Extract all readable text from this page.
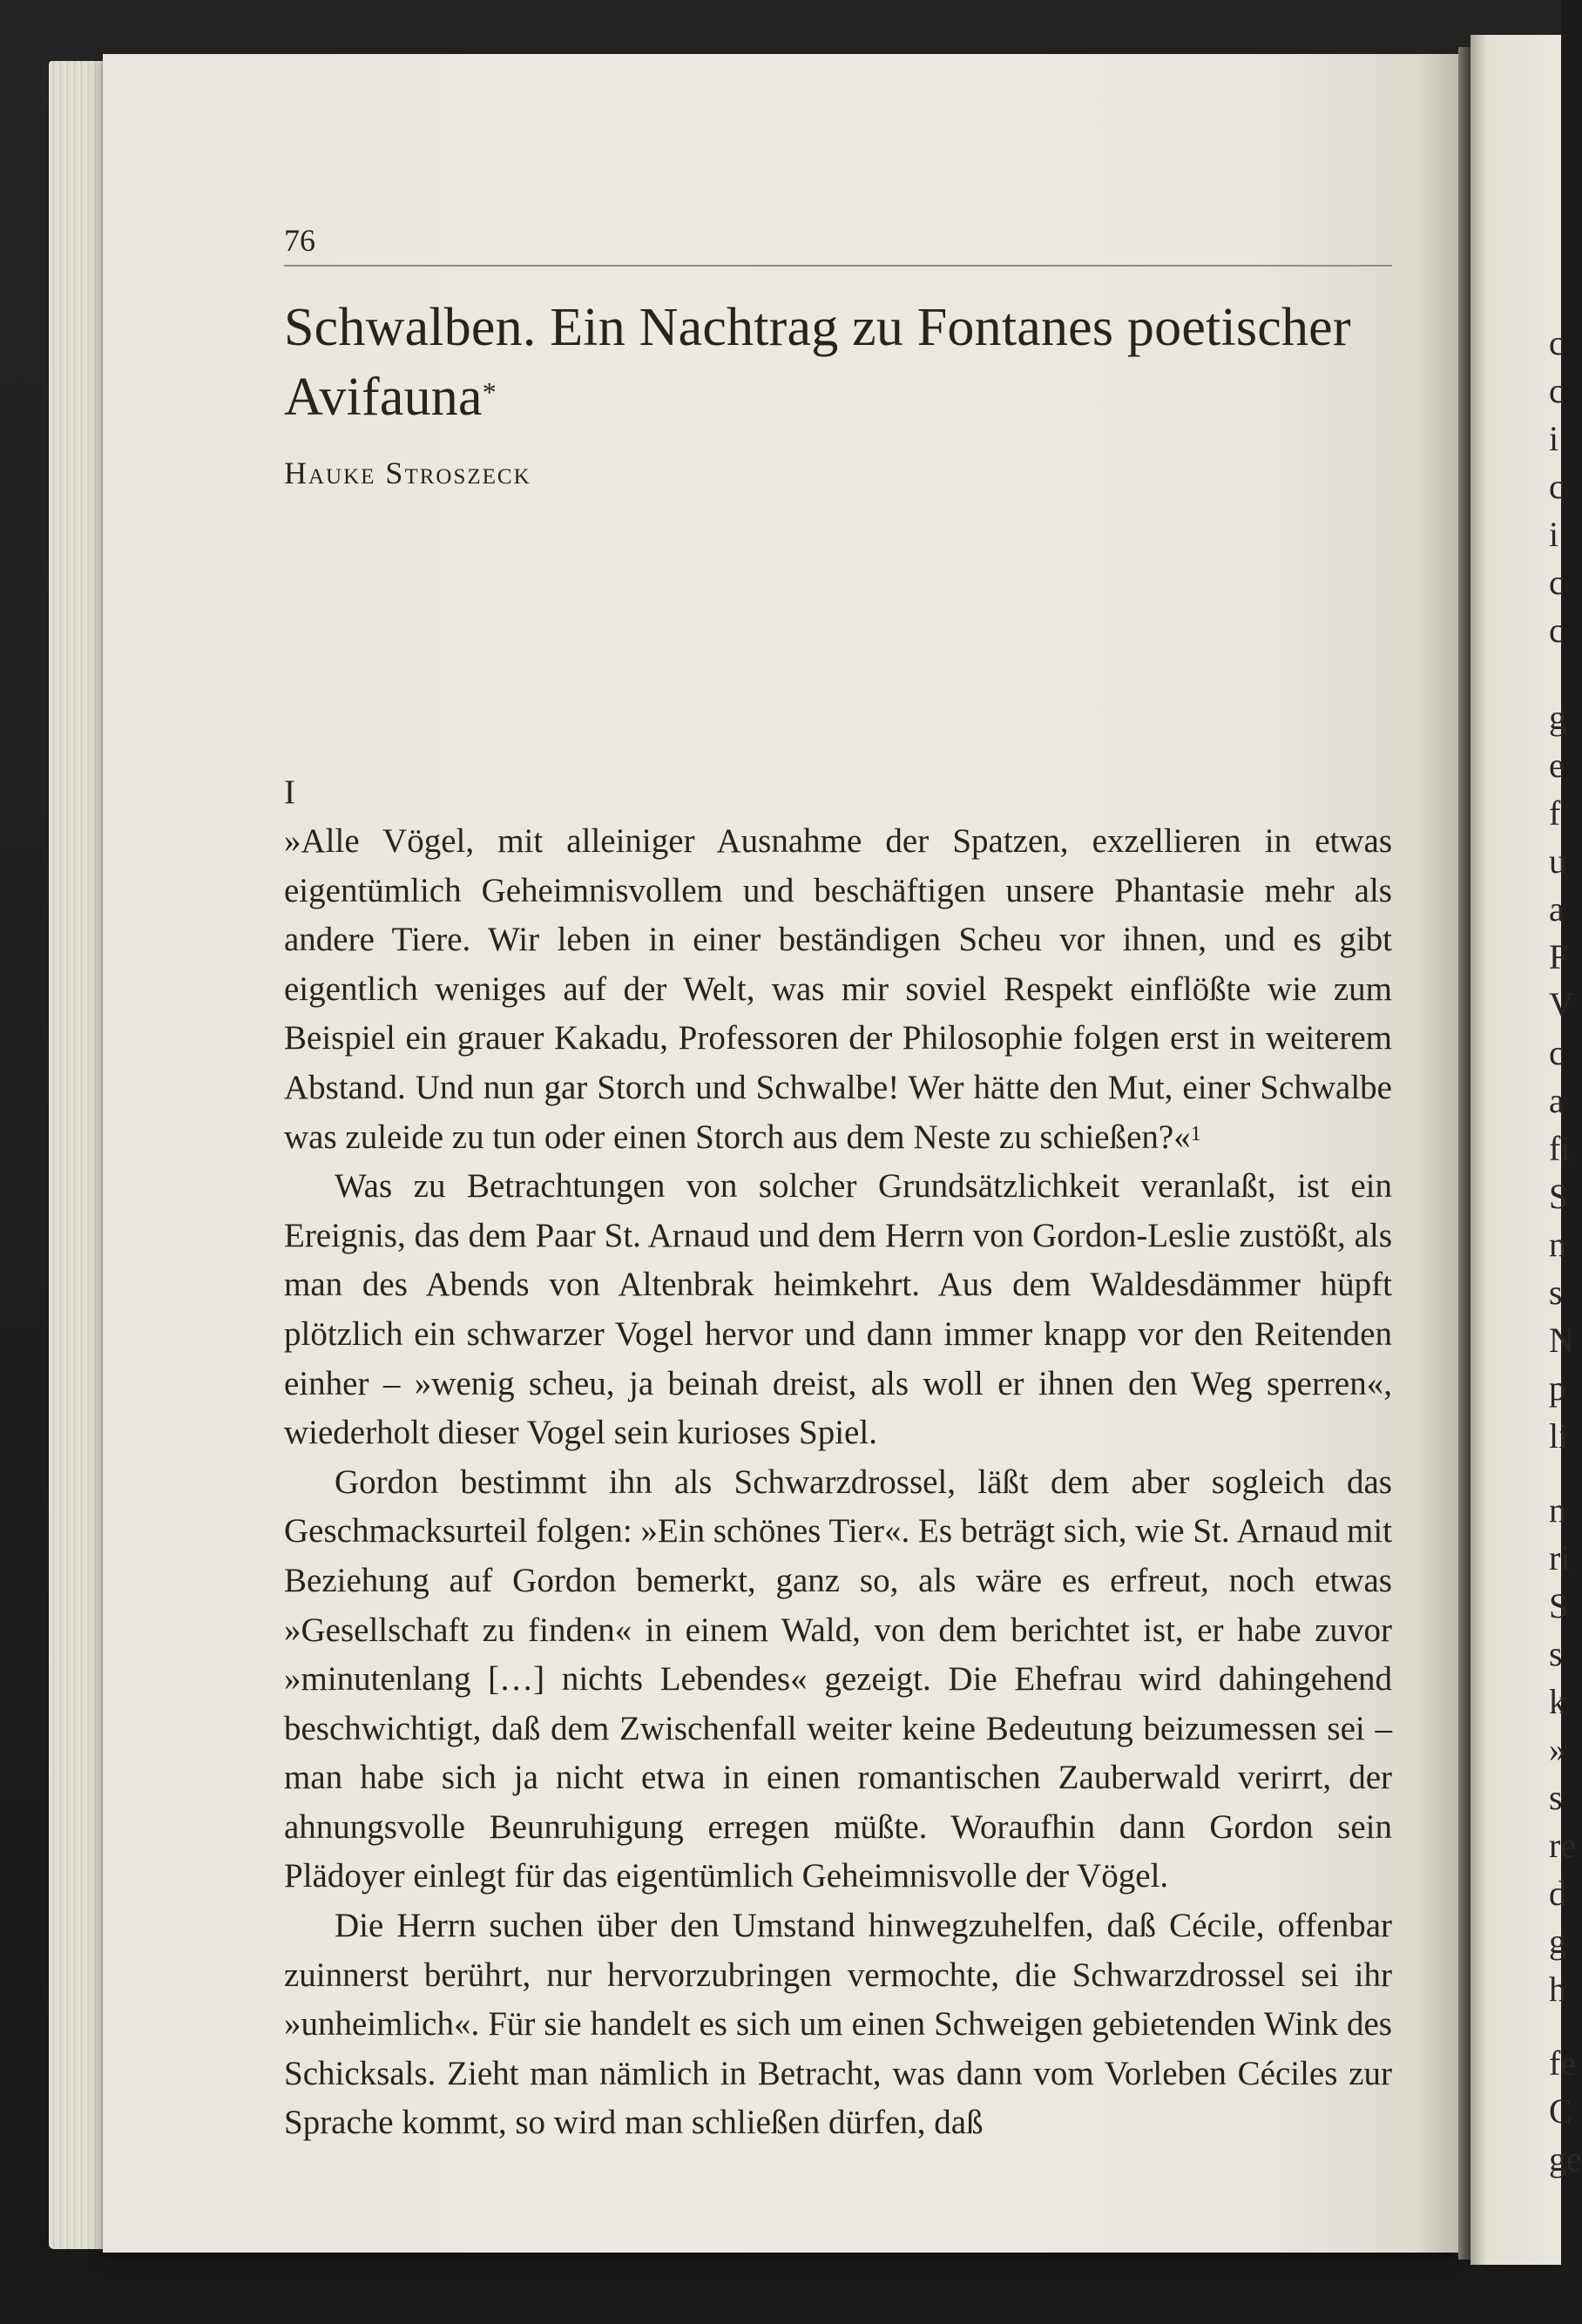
c
c
i
c
i
c
c
g
e
f
u
a
F
V
c
a
fi
S
n
s
N
p
li
n
ri
S
s
k
»
s
re
d
g
h
fe
C
ge
76
Schwalben. Ein Nachtrag zu Fontanes poetischer Avifauna*
Hauke Stroszeck
I

»Alle Vögel, mit alleiniger Ausnahme der Spatzen, exzellieren in etwas eigentümlich Geheimnisvollem und beschäftigen unsere Phantasie mehr als andere Tiere. Wir leben in einer beständigen Scheu vor ihnen, und es gibt eigentlich weniges auf der Welt, was mir soviel Respekt einflößte wie zum Beispiel ein grauer Kakadu, Professoren der Philosophie folgen erst in weiterem Abstand. Und nun gar Storch und Schwalbe! Wer hätte den Mut, einer Schwalbe was zuleide zu tun oder einen Storch aus dem Neste zu schießen?«$^1$

Was zu Betrachtungen von solcher Grundsätzlichkeit veranlaßt, ist ein Ereignis, das dem Paar St. Arnaud und dem Herrn von Gordon-Leslie zustößt, als man des Abends von Altenbrak heimkehrt. Aus dem Waldesdämmer hüpft plötzlich ein schwarzer Vogel hervor und dann immer knapp vor den Reitenden einher – »wenig scheu, ja beinah dreist, als woll er ihnen den Weg sperren«, wiederholt dieser Vogel sein kurioses Spiel.

Gordon bestimmt ihn als Schwarzdrossel, läßt dem aber sogleich das Geschmacksurteil folgen: »Ein schönes Tier«. Es beträgt sich, wie St. Arnaud mit Beziehung auf Gordon bemerkt, ganz so, als wäre es erfreut, noch etwas »Gesellschaft zu finden« in einem Wald, von dem berichtet ist, er habe zuvor »minutenlang […] nichts Lebendes« gezeigt. Die Ehefrau wird dahingehend beschwichtigt, daß dem Zwischenfall weiter keine Bedeutung beizumessen sei – man habe sich ja nicht etwa in einen romantischen Zauberwald verirrt, der ahnungsvolle Beunruhigung erregen müßte. Woraufhin dann Gordon sein Plädoyer einlegt für das eigentümlich Geheimnisvolle der Vögel.

Die Herrn suchen über den Umstand hinwegzuhelfen, daß Cécile, offenbar zuinnerst berührt, nur hervorzubringen vermochte, die Schwarzdrossel sei ihr »unheimlich«. Für sie handelt es sich um einen Schweigen gebietenden Wink des Schicksals. Zieht man nämlich in Betracht, was dann vom Vorleben Céciles zur Sprache kommt, so wird man schließen dürfen, daß
